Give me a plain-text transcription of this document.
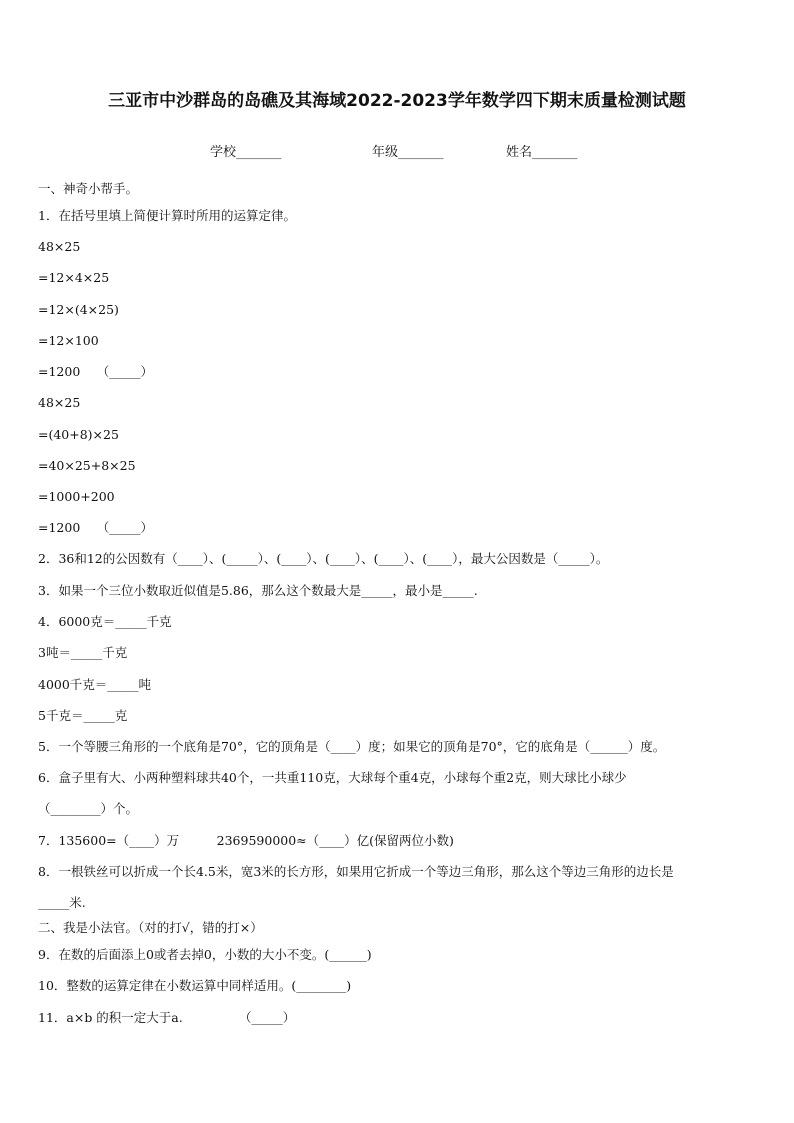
三亚市中沙群岛的岛礁及其海域2022-2023学年数学四下期末质量检测试题
学校_______	年级_______	姓名_______
一、神奇小帮手。
1．在括号里填上简便计算时所用的运算定律。
48×25
=12×4×25
=12×(4×25)
=12×100
=1200　 （_____）
48×25
=(40+8)×25
=40×25+8×25
=1000+200
=1200　 （_____）
2．36和12的公因数有（____）、(_____）、(____）、(____）、(____）、(____），最大公因数是（_____）。
3．如果一个三位小数取近似值是5.86，那么这个数最大是_____，最小是_____.
4．6000克＝_____千克
3吨＝_____千克
4000千克＝_____吨
5千克＝_____克
5．一个等腰三角形的一个底角是70°，它的顶角是（____）度；如果它的顶角是70°，它的底角是（______）度。
6．盒子里有大、小两种塑料球共40个，一共重110克，大球每个重4克，小球每个重2克，则大球比小球少
（________）个。
7．135600=（____）万　　　2369590000≈（____）亿(保留两位小数)
8．一根铁丝可以折成一个长4.5米，宽3米的长方形，如果用它折成一个等边三角形，那么这个等边三角形的边长是
_____米.
二、我是小法官。（对的打√，错的打×）
9．在数的后面添上0或者去掉0，小数的大小不变。(______)
10．整数的运算定律在小数运算中同样适用。(________)
11．a×b 的积一定大于a.　　　　　（_____）
